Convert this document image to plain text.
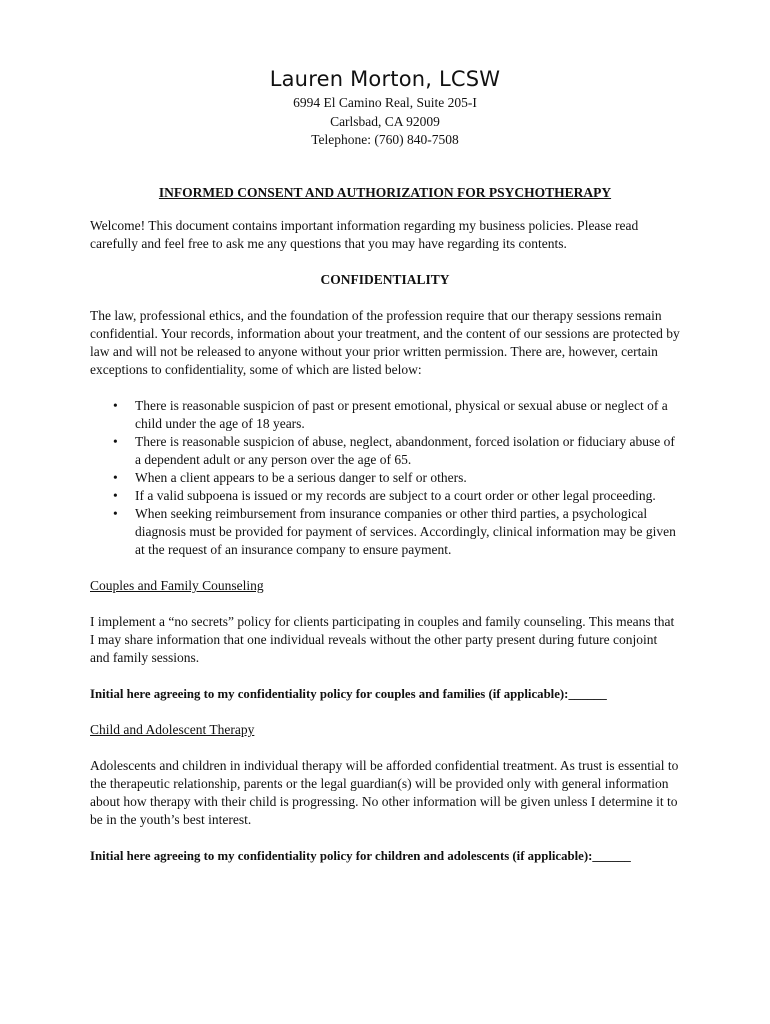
Lauren Morton, LCSW
6994 El Camino Real, Suite 205-I
Carlsbad, CA 92009
Telephone: (760) 840-7508

INFORMED CONSENT AND AUTHORIZATION FOR PSYCHOTHERAPY

Welcome! This document contains important information regarding my business policies. Please read carefully and feel free to ask me any questions that you may have regarding its contents.

CONFIDENTIALITY

The law, professional ethics, and the foundation of the profession require that our therapy sessions remain confidential. Your records, information about your treatment, and the content of our sessions are protected by law and will not be released to anyone without your prior written permission. There are, however, certain exceptions to confidentiality, some of which are listed below:

• There is reasonable suspicion of past or present emotional, physical or sexual abuse or neglect of a child under the age of 18 years.
• There is reasonable suspicion of abuse, neglect, abandonment, forced isolation or fiduciary abuse of a dependent adult or any person over the age of 65.
• When a client appears to be a serious danger to self or others.
• If a valid subpoena is issued or my records are subject to a court order or other legal proceeding.
• When seeking reimbursement from insurance companies or other third parties, a psychological diagnosis must be provided for payment of services. Accordingly, clinical information may be given at the request of an insurance company to ensure payment.

Couples and Family Counseling

I implement a “no secrets” policy for clients participating in couples and family counseling. This means that I may share information that one individual reveals without the other party present during future conjoint and family sessions.

Initial here agreeing to my confidentiality policy for couples and families (if applicable):______

Child and Adolescent Therapy

Adolescents and children in individual therapy will be afforded confidential treatment. As trust is essential to the therapeutic relationship, parents or the legal guardian(s) will be provided only with general information about how therapy with their child is progressing. No other information will be given unless I determine it to be in the youth’s best interest.

Initial here agreeing to my confidentiality policy for children and adolescents (if applicable):______
